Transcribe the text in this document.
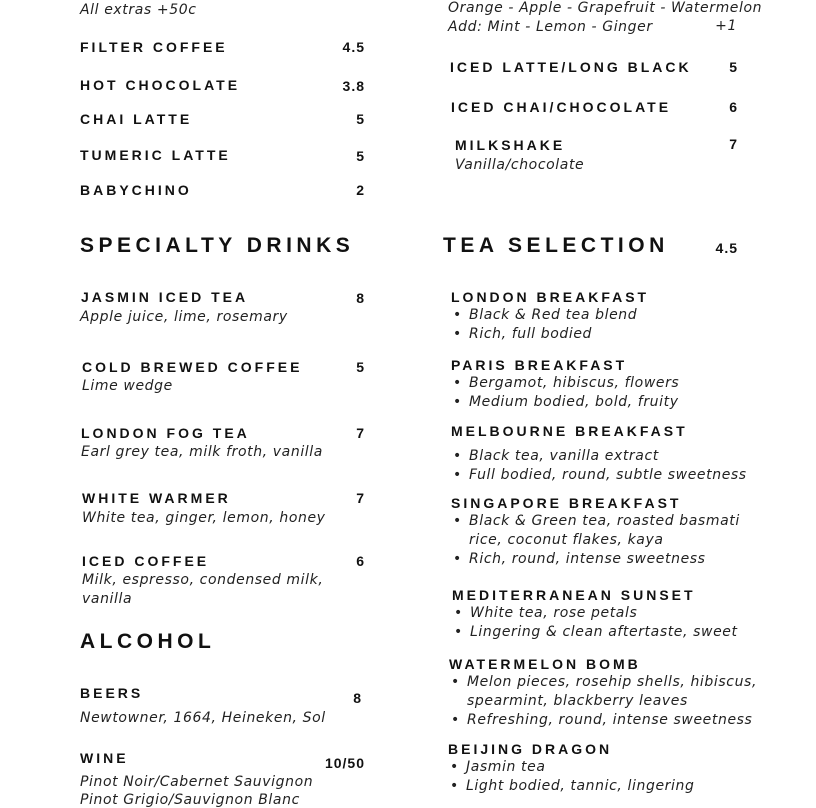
All extras +50c
FILTER COFFEE	4.5
HOT CHOCOLATE	3.8
CHAI LATTE	5
TUMERIC LATTE	5
BABYCHINO	2
Orange - Apple - Grapefruit - Watermelon
Add: Mint - Lemon - Ginger	+1
ICED LATTE/LONG BLACK	5
ICED CHAI/CHOCOLATE	6
MILKSHAKE	7
Vanilla/chocolate
SPECIALTY DRINKS
JASMIN ICED TEA	8
Apple juice, lime, rosemary
COLD BREWED COFFEE	5
Lime wedge
LONDON FOG TEA	7
Earl grey tea, milk froth, vanilla
WHITE WARMER	7
White tea, ginger, lemon, honey
ICED COFFEE	6
Milk, espresso, condensed milk,
vanilla
ALCOHOL
BEERS	8
Newtowner, 1664, Heineken, Sol
WINE	10/50
Pinot Noir/Cabernet Sauvignon
Pinot Grigio/Sauvignon Blanc
TEA SELECTION	4.5
LONDON BREAKFAST
• Black & Red tea blend
• Rich, full bodied
PARIS BREAKFAST
• Bergamot, hibiscus, flowers
• Medium bodied, bold, fruity
MELBOURNE BREAKFAST
• Black tea, vanilla extract
• Full bodied, round, subtle sweetness
SINGAPORE BREAKFAST
• Black & Green tea, roasted basmati
rice, coconut flakes, kaya
• Rich, round, intense sweetness
MEDITERRANEAN SUNSET
• White tea, rose petals
• Lingering & clean aftertaste, sweet
WATERMELON BOMB
• Melon pieces, rosehip shells, hibiscus,
spearmint, blackberry leaves
• Refreshing, round, intense sweetness
BEIJING DRAGON
• Jasmin tea
• Light bodied, tannic, lingering
